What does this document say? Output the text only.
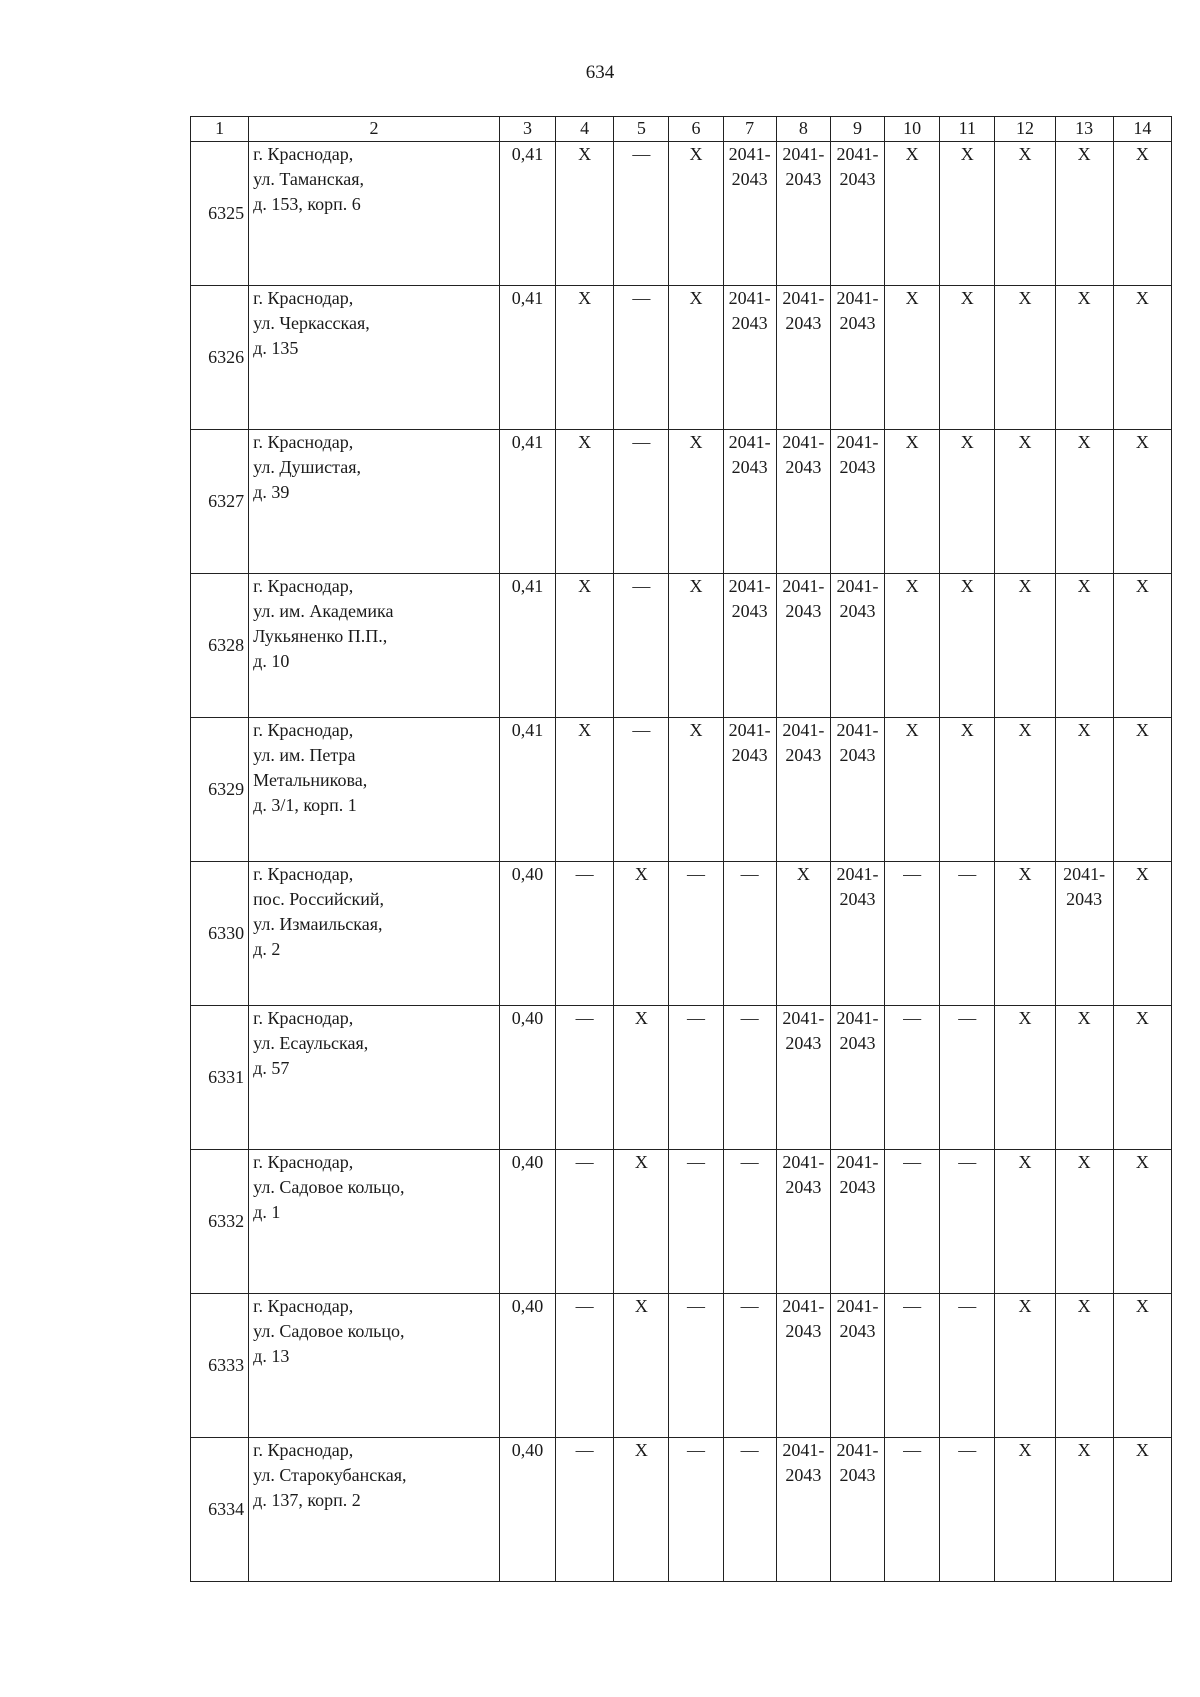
634
1	2	3	4	5	6	7	8	9	10	11	12	13	14
6325	г. Краснодар,
ул. Таманская,
д. 153, корп. 6	0,41	Х	—	Х	2041-
2043	2041-
2043	2041-
2043	Х	Х	Х	Х	Х
6326	г. Краснодар,
ул. Черкасская,
д. 135	0,41	Х	—	Х	2041-
2043	2041-
2043	2041-
2043	Х	Х	Х	Х	Х
6327	г. Краснодар,
ул. Душистая,
д. 39	0,41	Х	—	Х	2041-
2043	2041-
2043	2041-
2043	Х	Х	Х	Х	Х
6328	г. Краснодар,
ул. им. Академика
Лукьяненко П.П.,
д. 10	0,41	Х	—	Х	2041-
2043	2041-
2043	2041-
2043	Х	Х	Х	Х	Х
6329	г. Краснодар,
ул. им. Петра
Метальникова,
д. 3/1, корп. 1	0,41	Х	—	Х	2041-
2043	2041-
2043	2041-
2043	Х	Х	Х	Х	Х
6330	г. Краснодар,
пос. Российский,
ул. Измаильская,
д. 2	0,40	—	Х	—	—	Х	2041-
2043	—	—	Х	2041-
2043	Х
6331	г. Краснодар,
ул. Есаульская,
д. 57	0,40	—	Х	—	—	2041-
2043	2041-
2043	—	—	Х	Х	Х
6332	г. Краснодар,
ул. Садовое кольцо,
д. 1	0,40	—	Х	—	—	2041-
2043	2041-
2043	—	—	Х	Х	Х
6333	г. Краснодар,
ул. Садовое кольцо,
д. 13	0,40	—	Х	—	—	2041-
2043	2041-
2043	—	—	Х	Х	Х
6334	г. Краснодар,
ул. Старокубанская,
д. 137, корп. 2	0,40	—	Х	—	—	2041-
2043	2041-
2043	—	—	Х	Х	Х
